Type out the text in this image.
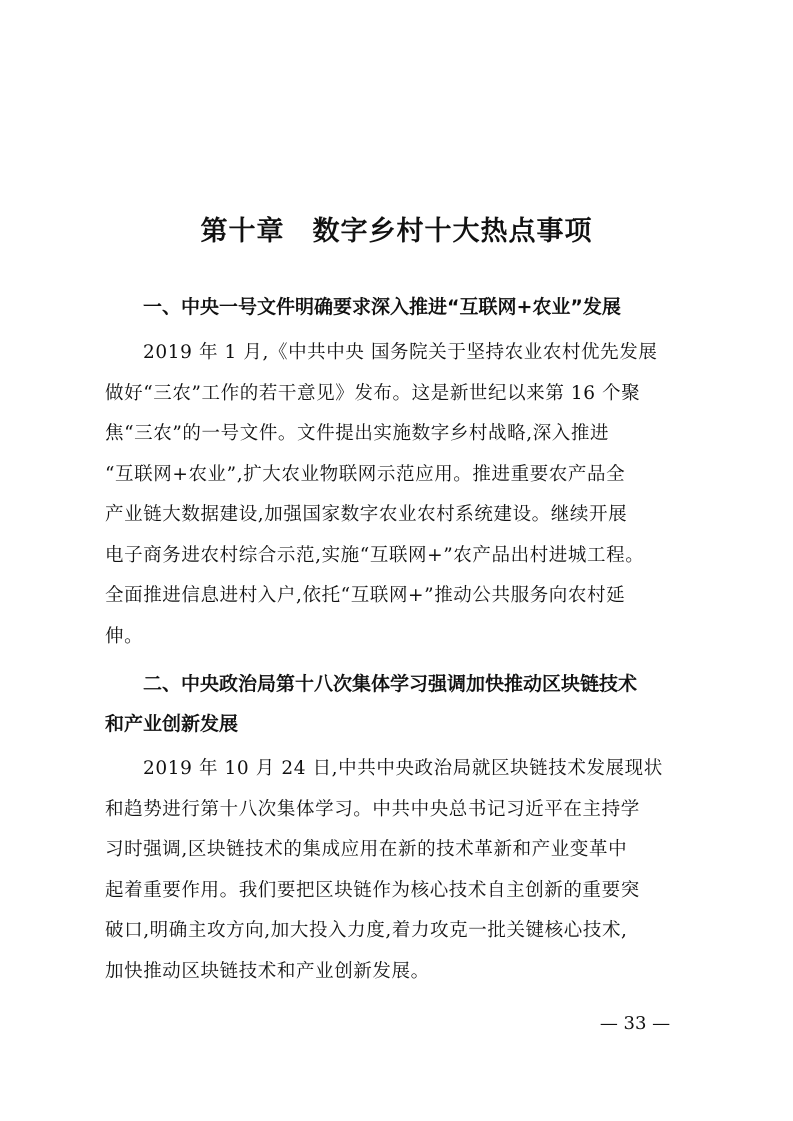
第十章　数字乡村十大热点事项
一、中央一号文件明确要求深入推进“互联网+农业”发展
2019 年 1 月,《中共中央 国务院关于坚持农业农村优先发展
做好“三农”工作的若干意见》发布。这是新世纪以来第 16 个聚
焦“三农”的一号文件。文件提出实施数字乡村战略,深入推进
“互联网+农业”,扩大农业物联网示范应用。推进重要农产品全
产业链大数据建设,加强国家数字农业农村系统建设。继续开展
电子商务进农村综合示范,实施“互联网+”农产品出村进城工程。
全面推进信息进村入户,依托“互联网+”推动公共服务向农村延
伸。
二、中央政治局第十八次集体学习强调加快推动区块链技术
和产业创新发展
2019 年 10 月 24 日,中共中央政治局就区块链技术发展现状
和趋势进行第十八次集体学习。中共中央总书记习近平在主持学
习时强调,区块链技术的集成应用在新的技术革新和产业变革中
起着重要作用。我们要把区块链作为核心技术自主创新的重要突
破口,明确主攻方向,加大投入力度,着力攻克一批关键核心技术,
加快推动区块链技术和产业创新发展。
— 33 —
